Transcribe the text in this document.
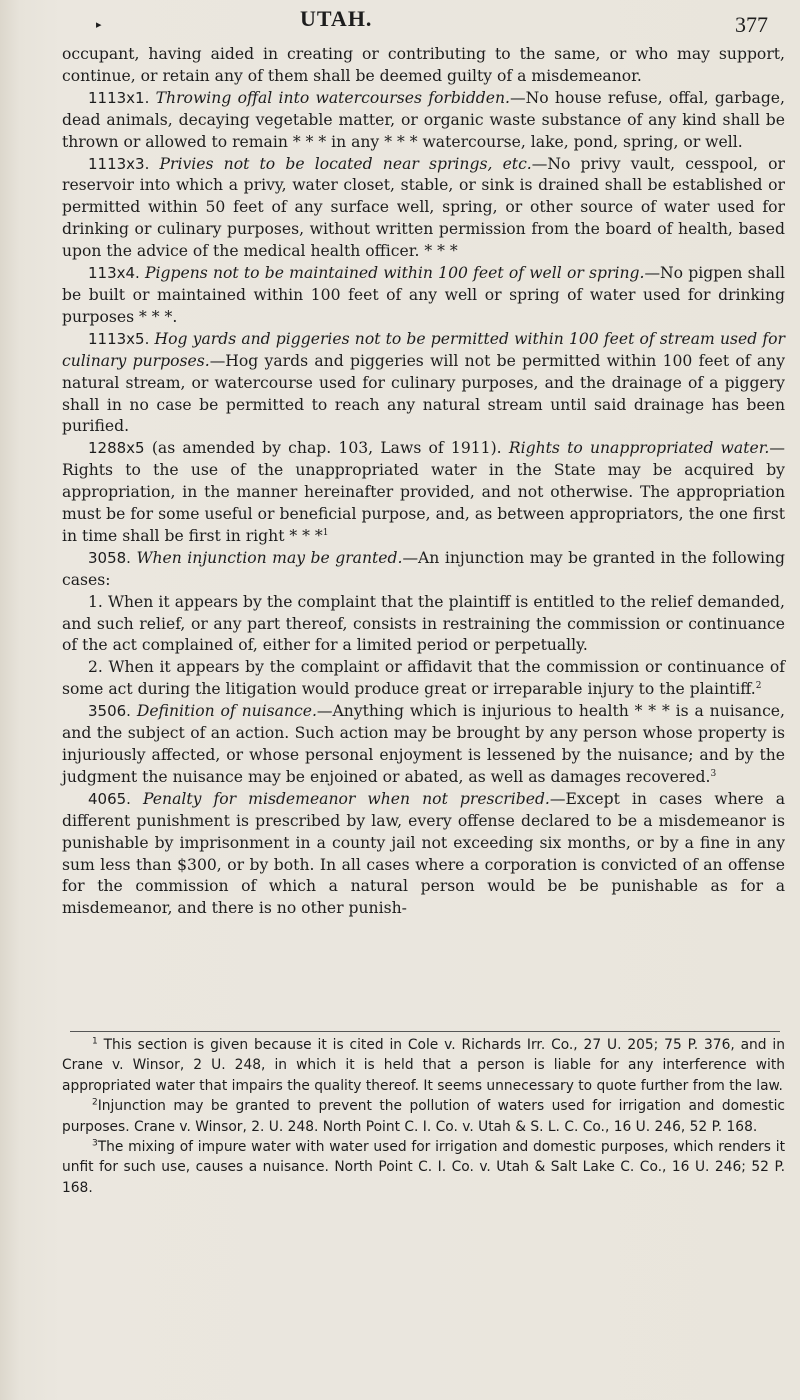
▸	UTAH.	377

occupant, having aided in creating or contributing to the same, or who may support, continue, or retain any of them shall be deemed guilty of a misdemeanor.

1113x1. Throwing offal into watercourses forbidden.—No house refuse, offal, garbage, dead animals, decaying vegetable matter, or organic waste substance of any kind shall be thrown or allowed to remain * * * in any * * * watercourse, lake, pond, spring, or well.

1113x3. Privies not to be located near springs, etc.—No privy vault, cesspool, or reservoir into which a privy, water closet, stable, or sink is drained shall be established or permitted within 50 feet of any surface well, spring, or other source of water used for drinking or culinary purposes, without written permission from the board of health, based upon the advice of the medical health officer. * * *

113x4. Pigpens not to be maintained within 100 feet of well or spring.—No pigpen shall be built or maintained within 100 feet of any well or spring of water used for drinking purposes * * *.

1113x5. Hog yards and piggeries not to be permitted within 100 feet of stream used for culinary purposes.—Hog yards and piggeries will not be permitted within 100 feet of any natural stream, or watercourse used for culinary purposes, and the drainage of a piggery shall in no case be permitted to reach any natural stream until said drainage has been purified.

1288x5 (as amended by chap. 103, Laws of 1911). Rights to unappropriated water.—Rights to the use of the unappropriated water in the State may be acquired by appropriation, in the manner hereinafter provided, and not otherwise. The appropriation must be for some useful or beneficial purpose, and, as between appropriators, the one first in time shall be first in right * * *$^1$

3058. When injunction may be granted.—An injunction may be granted in the following cases:

1. When it appears by the complaint that the plaintiff is entitled to the relief demanded, and such relief, or any part thereof, consists in restraining the commission or continuance of the act complained of, either for a limited period or perpetually.

2. When it appears by the complaint or affidavit that the commission or continuance of some act during the litigation would produce great or irreparable injury to the plaintiff.$^2$

3506. Definition of nuisance.—Anything which is injurious to health * * * is a nuisance, and the subject of an action. Such action may be brought by any person whose property is injuriously affected, or whose personal enjoyment is lessened by the nuisance; and by the judgment the nuisance may be enjoined or abated, as well as damages recovered.$^3$

4065. Penalty for misdemeanor when not prescribed.—Except in cases where a different punishment is prescribed by law, every offense declared to be a misdemeanor is punishable by imprisonment in a county jail not exceeding six months, or by a fine in any sum less than $300, or by both. In all cases where a corporation is convicted of an offense for the commission of which a natural person would be be punishable as for a misdemeanor, and there is no other punish-

$^1$ This section is given because it is cited in Cole v. Richards Irr. Co., 27 U. 205; 75 P. 376, and in Crane v. Winsor, 2 U. 248, in which it is held that a person is liable for any interference with appropriated water that impairs the quality thereof. It seems unnecessary to quote further from the law.

$^2$Injunction may be granted to prevent the pollution of waters used for irrigation and domestic purposes. Crane v. Winsor, 2. U. 248. North Point C. I. Co. v. Utah & S. L. C. Co., 16 U. 246, 52 P. 168.

$^3$The mixing of impure water with water used for irrigation and domestic purposes, which renders it unfit for such use, causes a nuisance. North Point C. I. Co. v. Utah & Salt Lake C. Co., 16 U. 246; 52 P. 168.
